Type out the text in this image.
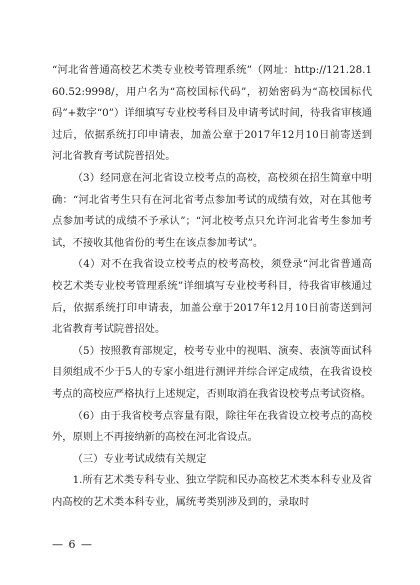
“河北省普通高校艺术类专业校考管理系统”（网址：http://121.28.160.52:9998/，用户名为“高校国标代码”，初始密码为“高校国标代码”+数字“0”）详细填写专业校考科目及申请考试时间，待我省审核通过后，依据系统打印申请表，加盖公章于2017年12月10日前寄送到河北省教育考试院普招处。

（3）经同意在河北省设立校考点的高校，高校须在招生简章中明确：“河北省考生只有在河北省考点参加考试的成绩有效，对在其他考点参加考试的成绩不予承认”；“河北校考点只允许河北省考生参加考试，不接收其他省份的考生在该点参加考试”。

（4）对不在我省设立校考点的校考高校，须登录“河北省普通高校艺术类专业校考管理系统”详细填写专业校考科目，待我省审核通过后，依据系统打印申请表，加盖公章于2017年12月10日前寄送到河北省教育考试院普招处。

（5）按照教育部规定，校考专业中的视唱、演奏、表演等面试科目须组成不少于5人的专家小组进行测评并综合评定成绩，在我省设校考点的高校应严格执行上述规定，否则取消在我省设校考点考试资格。

（6）由于我省校考点容量有限，除往年在我省设立校考点的高校外，原则上不再接纳新的高校在河北省设点。

（三）专业考试成绩有关规定

1.所有艺术类专科专业、独立学院和民办高校艺术类本科专业及省内高校的艺术类本科专业，属统考类别涉及到的，录取时

— 6 —
